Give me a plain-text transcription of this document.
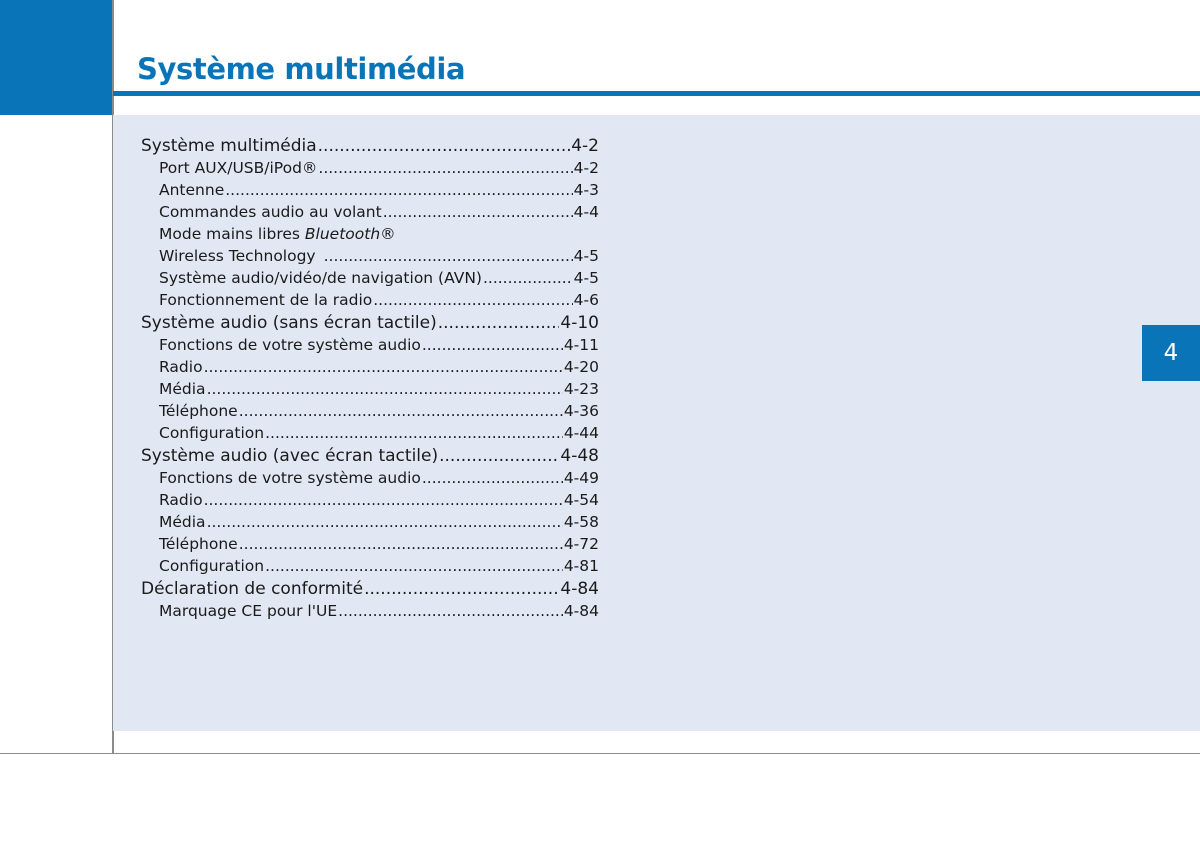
Système multimédia
4
Système multimédia .....	4-2
Port AUX/USB/iPod® .....	4-2
Antenne .....	4-3
Commandes audio au volant .....	4-4
Mode mains libres Bluetooth®
Wireless Technology .....	4-5
Système audio/vidéo/de navigation (AVN) .....	4-5
Fonctionnement de la radio .....	4-6
Système audio (sans écran tactile) .....	4-10
Fonctions de votre système audio .....	4-11
Radio .....	4-20
Média .....	4-23
Téléphone .....	4-36
Configuration .....	4-44
Système audio (avec écran tactile) .....	4-48
Fonctions de votre système audio .....	4-49
Radio .....	4-54
Média .....	4-58
Téléphone .....	4-72
Configuration .....	4-81
Déclaration de conformité .....	4-84
Marquage CE pour l'UE .....	4-84
